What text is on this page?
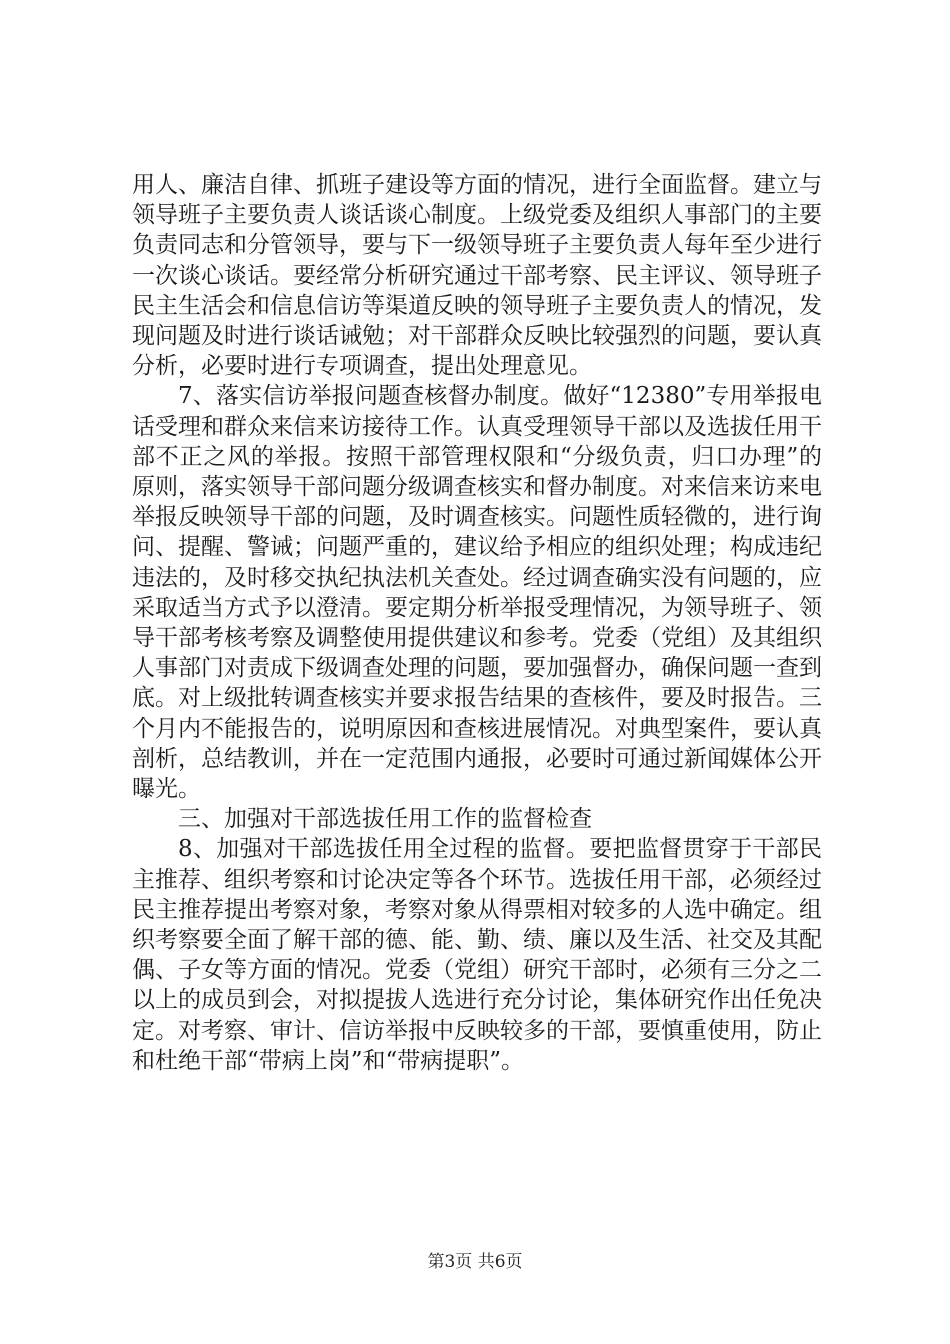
用人、廉洁自律、抓班子建设等方面的情况，进行全面监督。建立与领导班子主要负责人谈话谈心制度。上级党委及组织人事部门的主要负责同志和分管领导，要与下一级领导班子主要负责人每年至少进行一次谈心谈话。要经常分析研究通过干部考察、民主评议、领导班子民主生活会和信息信访等渠道反映的领导班子主要负责人的情况，发现问题及时进行谈话诫勉；对干部群众反映比较强烈的问题，要认真分析，必要时进行专项调查，提出处理意见。

7、落实信访举报问题查核督办制度。做好“12380”专用举报电话受理和群众来信来访接待工作。认真受理领导干部以及选拔任用干部不正之风的举报。按照干部管理权限和“分级负责，归口办理”的原则，落实领导干部问题分级调查核实和督办制度。对来信来访来电举报反映领导干部的问题，及时调查核实。问题性质轻微的，进行询问、提醒、警诫；问题严重的，建议给予相应的组织处理；构成违纪违法的，及时移交执纪执法机关查处。经过调查确实没有问题的，应采取适当方式予以澄清。要定期分析举报受理情况，为领导班子、领导干部考核考察及调整使用提供建议和参考。党委（党组）及其组织人事部门对责成下级调查处理的问题，要加强督办，确保问题一查到底。对上级批转调查核实并要求报告结果的查核件，要及时报告。三个月内不能报告的，说明原因和查核进展情况。对典型案件，要认真剖析，总结教训，并在一定范围内通报，必要时可通过新闻媒体公开曝光。

三、加强对干部选拔任用工作的监督检查

8、加强对干部选拔任用全过程的监督。要把监督贯穿于干部民主推荐、组织考察和讨论决定等各个环节。选拔任用干部，必须经过民主推荐提出考察对象，考察对象从得票相对较多的人选中确定。组织考察要全面了解干部的德、能、勤、绩、廉以及生活、社交及其配偶、子女等方面的情况。党委（党组）研究干部时，必须有三分之二以上的成员到会，对拟提拔人选进行充分讨论，集体研究作出任免决定。对考察、审计、信访举报中反映较多的干部，要慎重使用，防止和杜绝干部“带病上岗”和“带病提职”。

第3页 共6页
